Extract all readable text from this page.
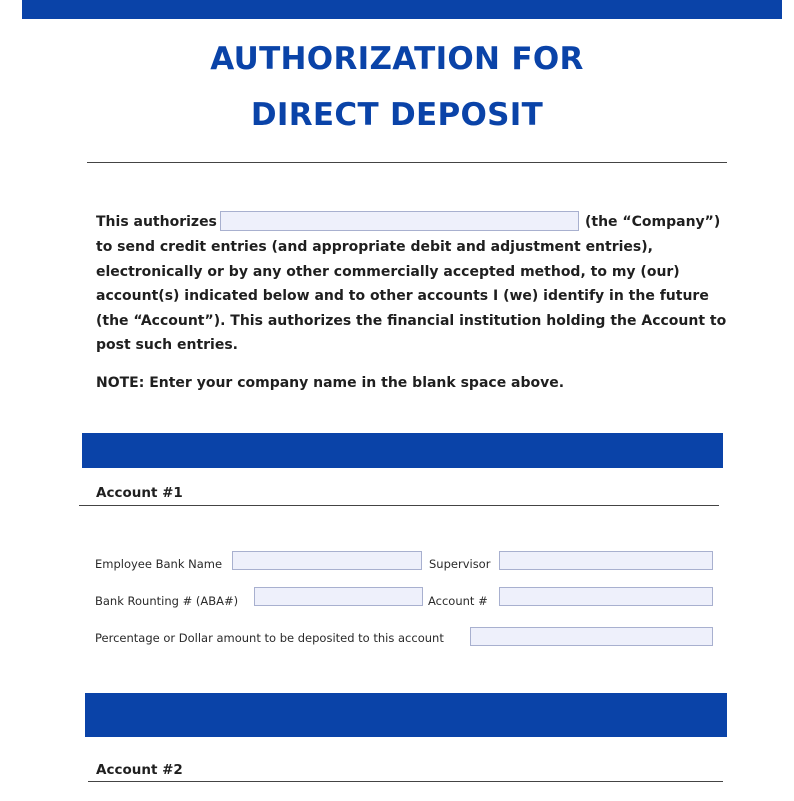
AUTHORIZATION FOR
DIRECT DEPOSIT
This authorizes	(the “Company”)
to send credit entries (and appropriate debit and adjustment entries),
electronically or by any other commercially accepted method, to my (our)
account(s) indicated below and to other accounts I (we) identify in the future
(the “Account”). This authorizes the financial institution holding the Account to
post such entries.
NOTE: Enter your company name in the blank space above.
Account #1
Employee Bank Name	Supervisor
Bank Rounting # (ABA#)	Account #
Percentage or Dollar amount to be deposited to this account
Account #2
